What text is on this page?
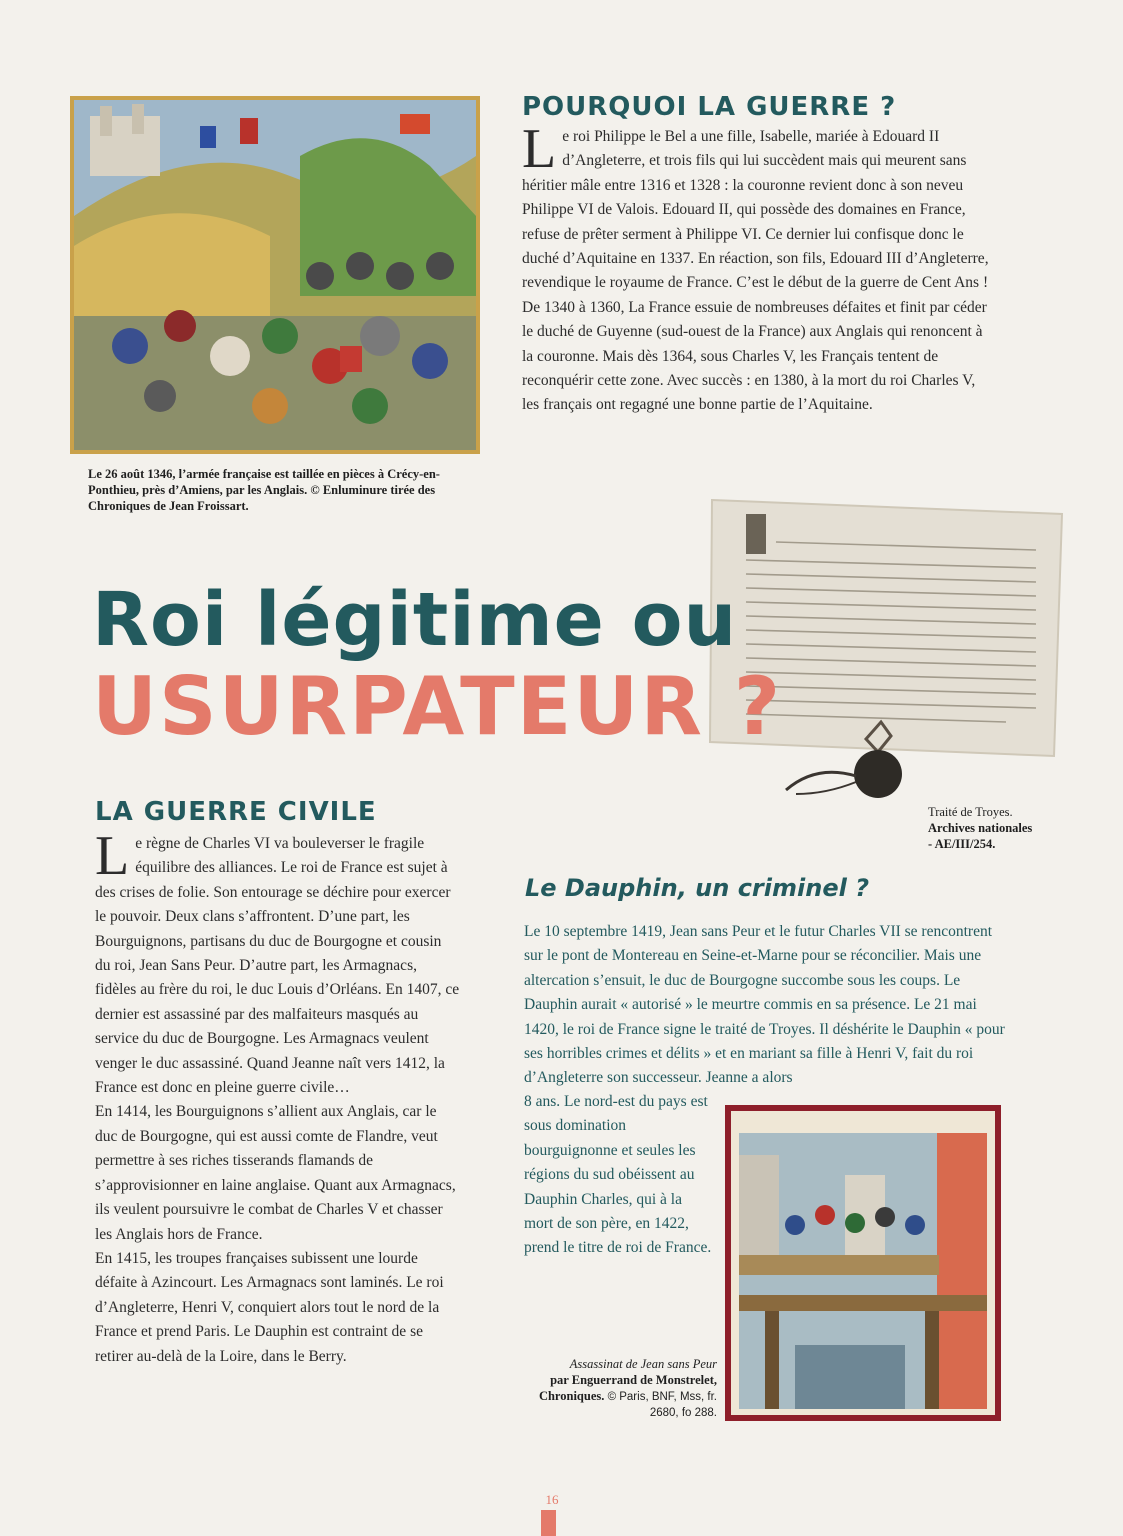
Le 26 août 1346, l’armée française est taillée en pièces à Crécy-en-
Ponthieu, près d’Amiens, par les Anglais. © Enluminure tirée des
Chroniques de Jean Froissart.
POURQUOI LA GUERRE ?

Le roi Philippe le Bel a une fille, Isabelle, mariée à Edouard II d’Angleterre, et trois fils qui lui succèdent mais qui meurent sans héritier mâle entre 1316 et 1328 : la couronne revient donc à son neveu Philippe VI de Valois. Edouard II, qui possède des domaines en France, refuse de prêter serment à Philippe VI. Ce dernier lui confisque donc le duché d’Aquitaine en 1337. En réaction, son fils, Edouard III d’Angleterre, revendique le royaume de France. C’est le début de la guerre de Cent Ans !

De 1340 à 1360, La France essuie de nombreuses défaites et finit par céder le duché de Guyenne (sud-ouest de la France) aux Anglais qui renoncent à la couronne. Mais dès 1364, sous Charles V, les Français tentent de reconquérir cette zone. Avec succès : en 1380, à la mort du roi Charles V, les français ont regagné une bonne partie de l’Aquitaine.

Traité de Troyes.
Archives nationales
- AE/III/254.
Roi légitime ou
USURPATEUR ?
LA GUERRE CIVILE

Le règne de Charles VI va bouleverser le fragile équilibre des alliances. Le roi de France est sujet à des crises de folie. Son entourage se déchire pour exercer le pouvoir. Deux clans s’affrontent. D’une part, les Bourguignons, partisans du duc de Bourgogne et cousin du roi, Jean Sans Peur. D’autre part, les Armagnacs, fidèles au frère du roi, le duc Louis d’Orléans. En 1407, ce dernier est assassiné par des malfaiteurs masqués au service du duc de Bourgogne. Les Armagnacs veulent venger le duc assassiné. Quand Jeanne naît vers 1412, la France est donc en pleine guerre civile…

En 1414, les Bourguignons s’allient aux Anglais, car le duc de Bourgogne, qui est aussi comte de Flandre, veut permettre à ses riches tisserands flamands de s’approvisionner en laine anglaise. Quant aux Armagnacs, ils veulent poursuivre le combat de Charles V et chasser les Anglais hors de France.

En 1415, les troupes françaises subissent une lourde défaite à Azincourt. Les Armagnacs sont laminés. Le roi d’Angleterre, Henri V, conquiert alors tout le nord de la France et prend Paris. Le Dauphin est contraint de se retirer au-delà de la Loire, dans le Berry.

Le Dauphin, un criminel ?

Le 10 septembre 1419, Jean sans Peur et le futur Charles VII se rencontrent sur le pont de Montereau en Seine-et-Marne pour se réconcilier. Mais une altercation s’ensuit, le duc de Bourgogne succombe sous les coups. Le Dauphin aurait « autorisé » le meurtre commis en sa présence. Le 21 mai 1420, le roi de France signe le traité de Troyes. Il déshérite le Dauphin « pour ses horribles crimes et délits » et en mariant sa fille à Henri V, fait du roi d’Angleterre son successeur. Jeanne a alors

8 ans. Le nord-est du pays est sous domination bourguignonne et seules les régions du sud obéissent au Dauphin Charles, qui à la mort de son père, en 1422, prend le titre de roi de France.

Assassinat de Jean sans Peur
par Enguerrand de Monstrelet,
Chroniques. © Paris, BNF, Mss, fr.
2680, fo 288.
16
